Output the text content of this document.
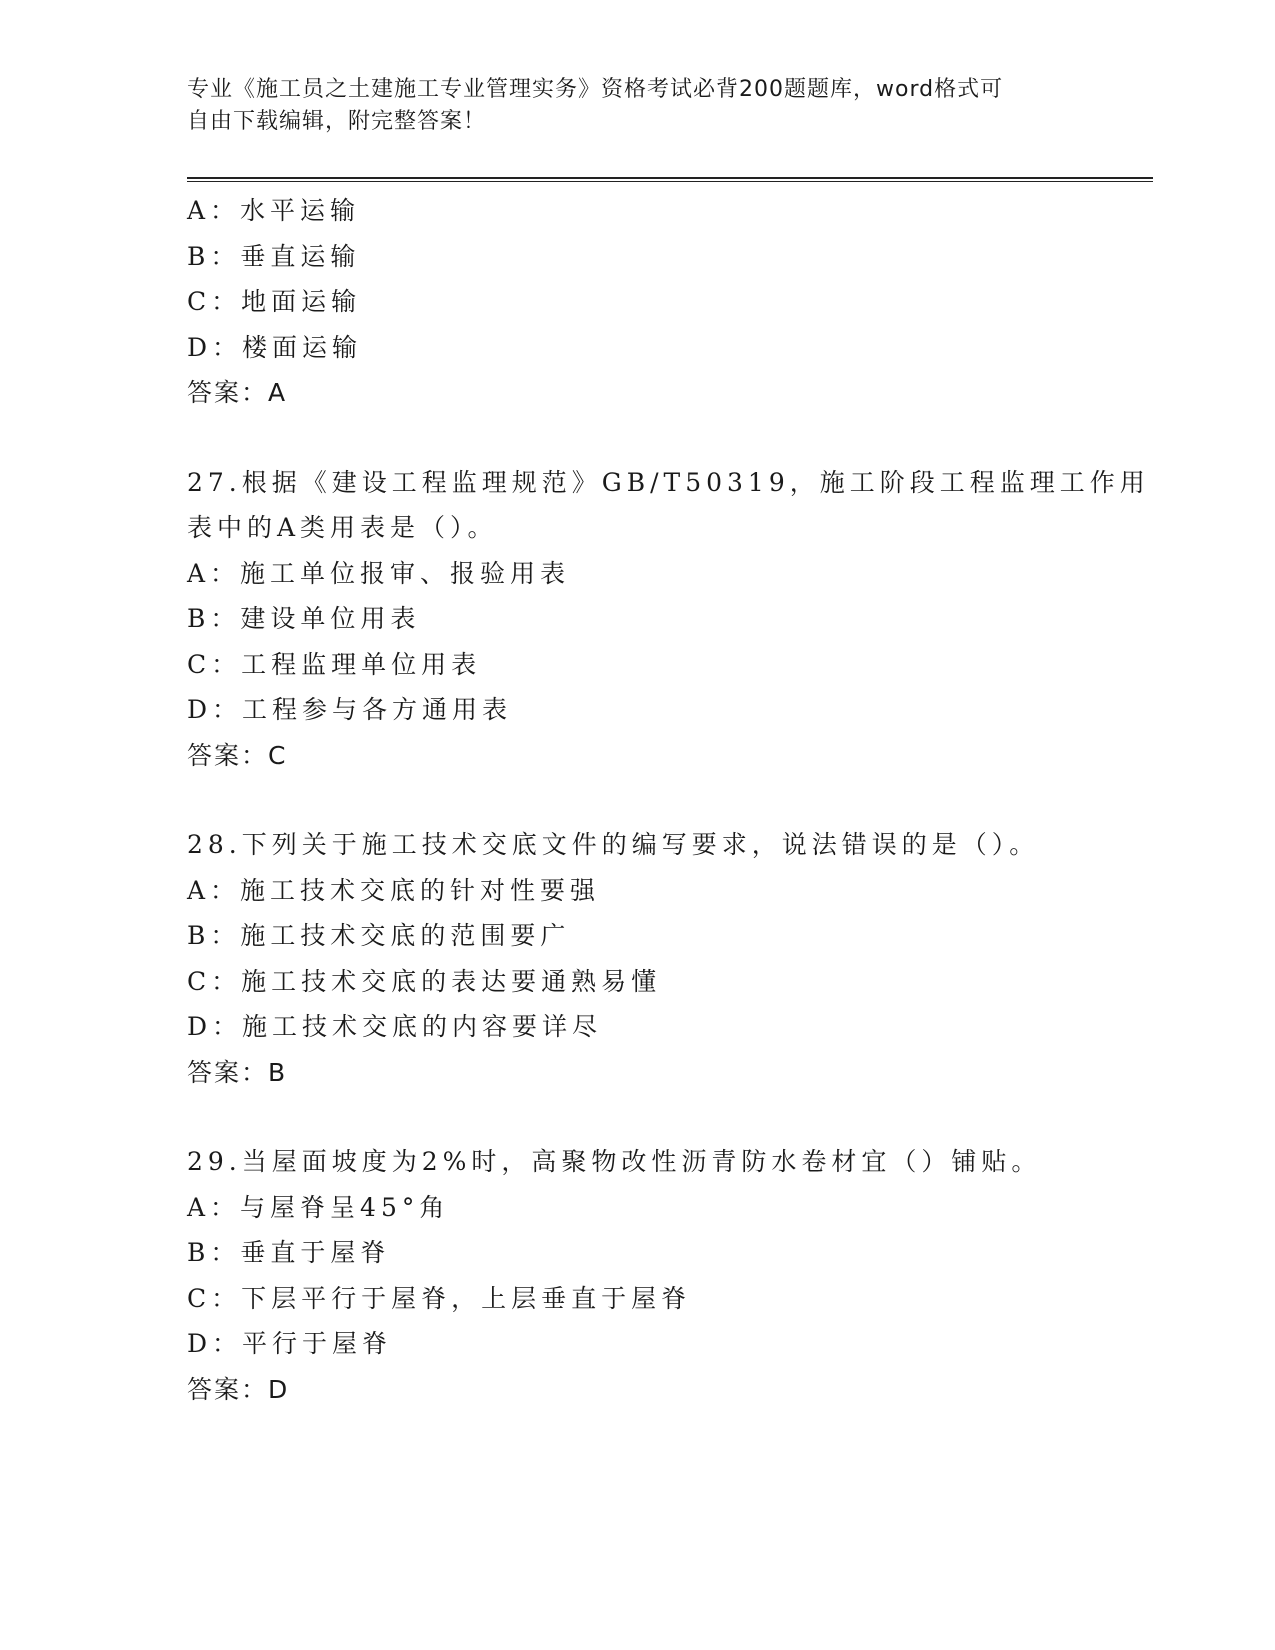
专业《施工员之土建施工专业管理实务》资格考试必背200题题库，word格式可
自由下载编辑，附完整答案！
A：水平运输
B：垂直运输
C：地面运输
D：楼面运输
答案：A
27.根据《建设工程监理规范》GB/T50319，施工阶段工程监理工作用
表中的A类用表是（）。
A：施工单位报审、报验用表
B：建设单位用表
C：工程监理单位用表
D：工程参与各方通用表
答案：C
28.下列关于施工技术交底文件的编写要求，说法错误的是（）。
A：施工技术交底的针对性要强
B：施工技术交底的范围要广
C：施工技术交底的表达要通熟易懂
D：施工技术交底的内容要详尽
答案：B
29.当屋面坡度为2%时，高聚物改性沥青防水卷材宜（）铺贴。
A：与屋脊呈45°角
B：垂直于屋脊
C：下层平行于屋脊，上层垂直于屋脊
D：平行于屋脊
答案：D
